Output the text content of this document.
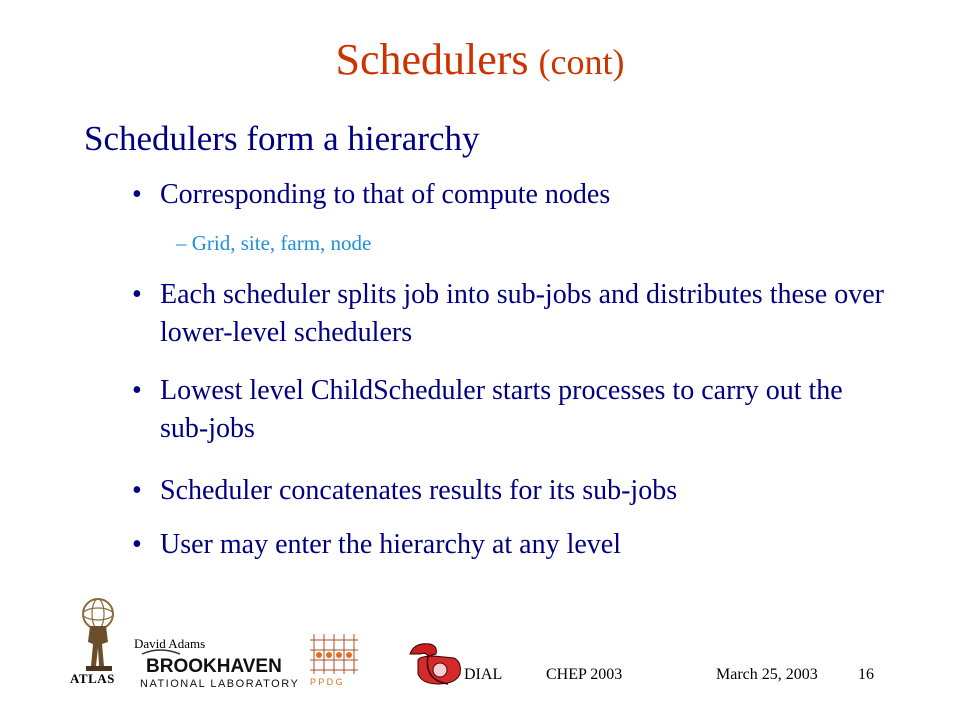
Schedulers (cont)
Schedulers form a hierarchy
• Corresponding to that of compute nodes
– Grid, site, farm, node
• Each scheduler splits job into sub-jobs and distributes these over lower-level schedulers
• Lowest level ChildScheduler starts processes to carry out the sub-jobs
• Scheduler concatenates results for its sub-jobs
• User may enter the hierarchy at any level
ATLAS
David Adams
BROOKHAVEN
NATIONAL LABORATORY P P D G	DIAL	CHEP 2003	March 25, 2003	16
